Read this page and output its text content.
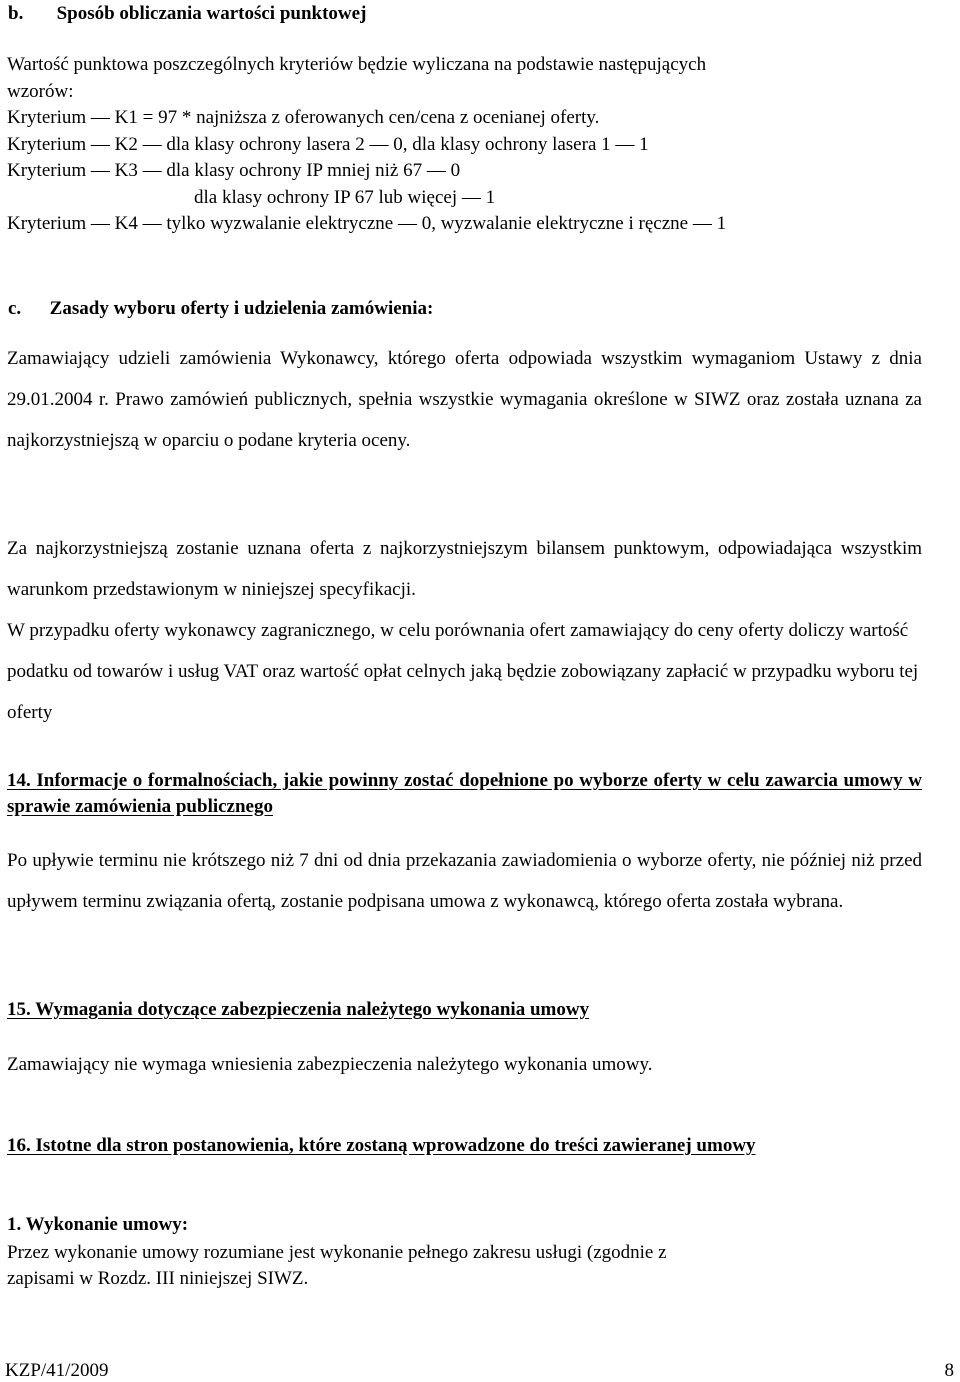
b.       Sposób obliczania wartości punktowej
Wartość punktowa poszczególnych kryteriów będzie wyliczana na podstawie następujących
wzorów:
Kryterium — K1 = 97 * najniższa z oferowanych cen/cena z ocenianej oferty.
Kryterium — K2 — dla klasy ochrony lasera 2 — 0, dla klasy ochrony lasera 1 — 1
Kryterium — K3 — dla klasy ochrony IP mniej niż 67 — 0
dla klasy ochrony IP 67 lub więcej — 1
Kryterium — K4 — tylko wyzwalanie elektryczne — 0, wyzwalanie elektryczne i ręczne — 1
c.      Zasady wyboru oferty i udzielenia zamówienia:

Zamawiający udzieli zamówienia Wykonawcy, którego oferta odpowiada wszystkim wymaganiom Ustawy z dnia 29.01.2004 r. Prawo zamówień publicznych, spełnia wszystkie wymagania określone w SIWZ oraz została uznana za najkorzystniejszą w oparciu o podane kryteria oceny.

Za najkorzystniejszą zostanie uznana oferta z najkorzystniejszym bilansem punktowym, odpowiadająca wszystkim warunkom przedstawionym w niniejszej specyfikacji.

W przypadku oferty wykonawcy zagranicznego, w celu porównania ofert zamawiający do ceny oferty doliczy wartość podatku od towarów i usług VAT oraz wartość opłat celnych jaką będzie zobowiązany zapłacić w przypadku wyboru tej oferty

14. Informacje o formalnościach, jakie powinny zostać dopełnione po wyborze oferty w celu zawarcia umowy w sprawie zamówienia publicznego

Po upływie terminu nie krótszego niż 7 dni od dnia przekazania zawiadomienia o wyborze oferty, nie później niż przed upływem terminu związania ofertą, zostanie podpisana umowa z wykonawcą, którego oferta została wybrana.

15. Wymagania dotyczące zabezpieczenia należytego wykonania umowy

Zamawiający nie wymaga wniesienia zabezpieczenia należytego wykonania umowy.

16. Istotne dla stron postanowienia, które zostaną wprowadzone do treści zawieranej umowy
1. Wykonanie umowy:
Przez wykonanie umowy rozumiane jest wykonanie pełnego zakresu usługi (zgodnie z
zapisami w Rozdz. III niniejszej SIWZ.
KZP/41/2009	8
